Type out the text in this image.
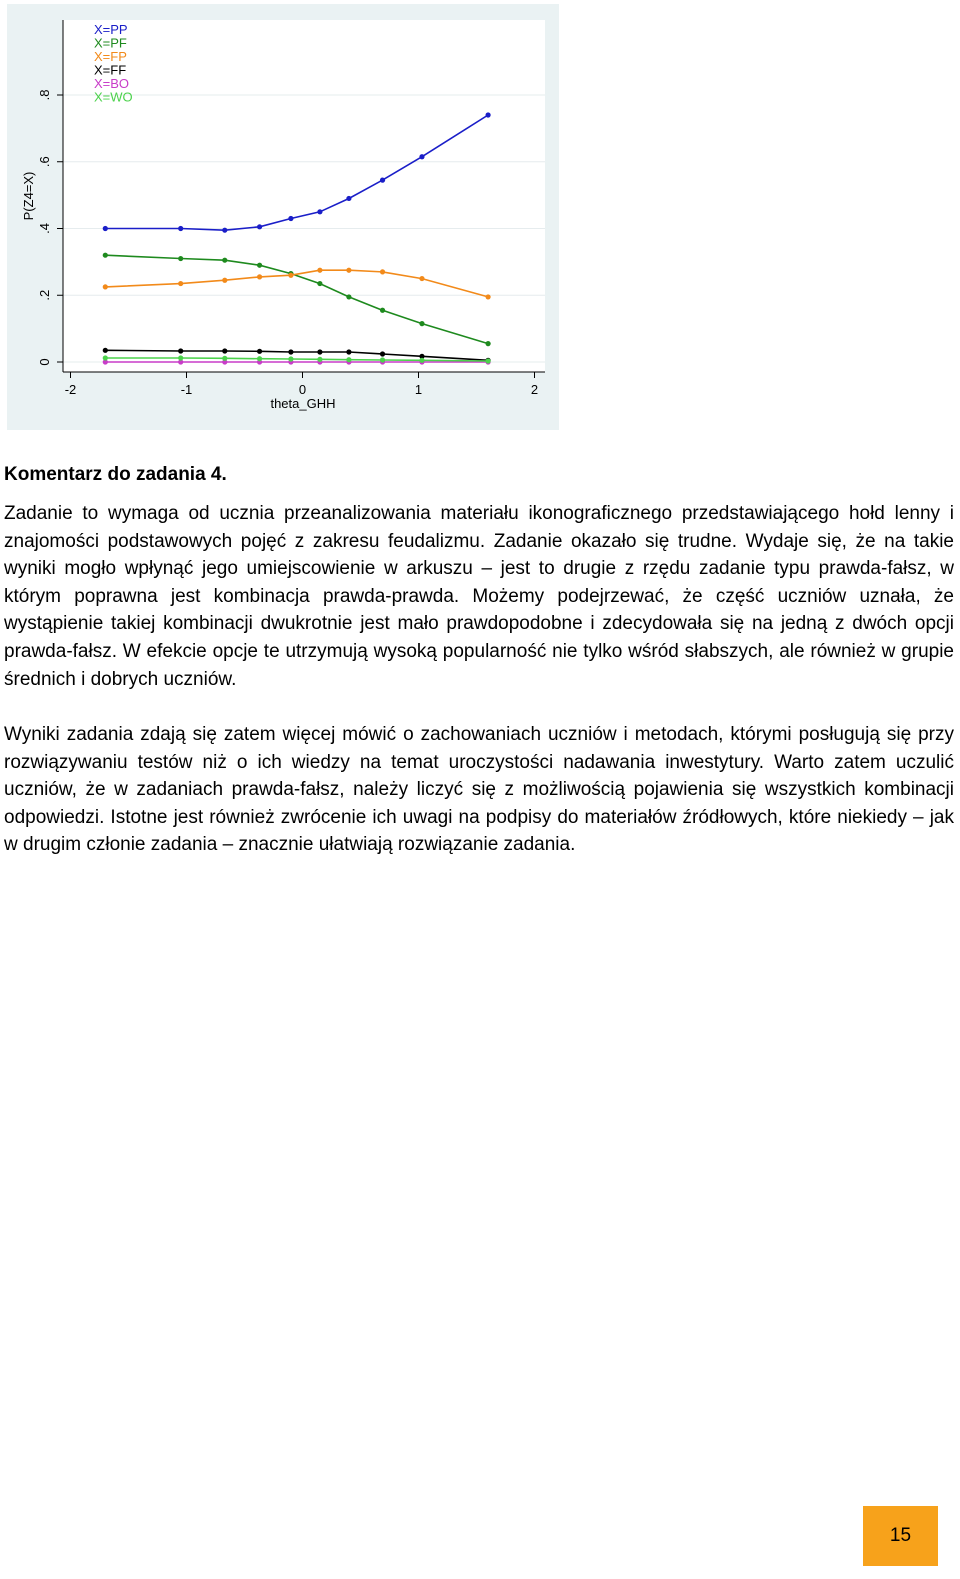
0
.2
.4
.6
.8
-2	-1	0	1	2
theta_GHH
P(Z4=X)
X=PP
X=PF
X=FP
X=FF
X=BO
X=WO
Komentarz do zadania 4.

Zadanie to wymaga od ucznia przeanalizowania materiału ikonograficznego przedstawiającego hołd lenny i znajomości podstawowych pojęć z zakresu feudalizmu. Zadanie okazało się trudne. Wydaje się, że na takie wyniki mogło wpłynąć jego umiejscowienie w arkuszu – jest to drugie z rzędu zadanie typu prawda-fałsz, w którym poprawna jest kombinacja prawda-prawda. Możemy podejrzewać, że część uczniów uznała, że wystąpienie takiej kombinacji dwukrotnie jest mało prawdopodobne i zdecydowała się na jedną z dwóch opcji prawda-fałsz. W efekcie opcje te utrzymują wysoką popularność nie tylko wśród słabszych, ale również w grupie średnich i dobrych uczniów.

Wyniki zadania zdają się zatem więcej mówić o zachowaniach uczniów i metodach, którymi posługują się przy rozwiązywaniu testów niż o ich wiedzy na temat uroczystości nadawania inwestytury. Warto zatem uczulić uczniów, że w zadaniach prawda-fałsz, należy liczyć się z możliwością pojawienia się wszystkich kombinacji odpowiedzi. Istotne jest również zwrócenie ich uwagi na podpisy do materiałów źródłowych, które niekiedy – jak w drugim członie zadania – znacznie ułatwiają rozwiązanie zadania.

15
